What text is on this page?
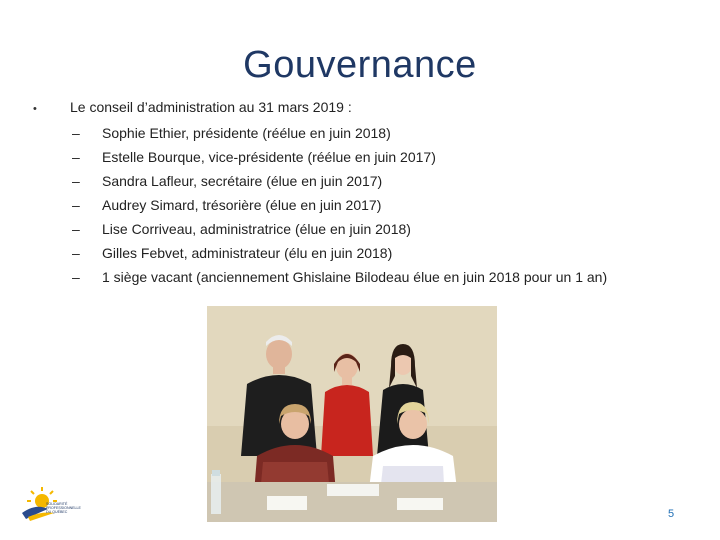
Gouvernance
• Le conseil d’administration au 31 mars 2019 :
– Sophie Ethier, présidente (réélue en juin 2018)
– Estelle Bourque, vice-présidente (réélue en juin 2017)
– Sandra Lafleur, secrétaire (élue en juin 2017)
– Audrey Simard, trésorière (élue en juin 2017)
– Lise Corriveau, administratrice (élue en juin 2018)
– Gilles Febvet, administrateur (élu en juin 2018)
– 1 siège vacant (anciennement Ghislaine Bilodeau élue en juin 2018 pour un 1 an)
SOLIDARITÉ
PROFESSIONNELLE
DU QUÉBEC	5
